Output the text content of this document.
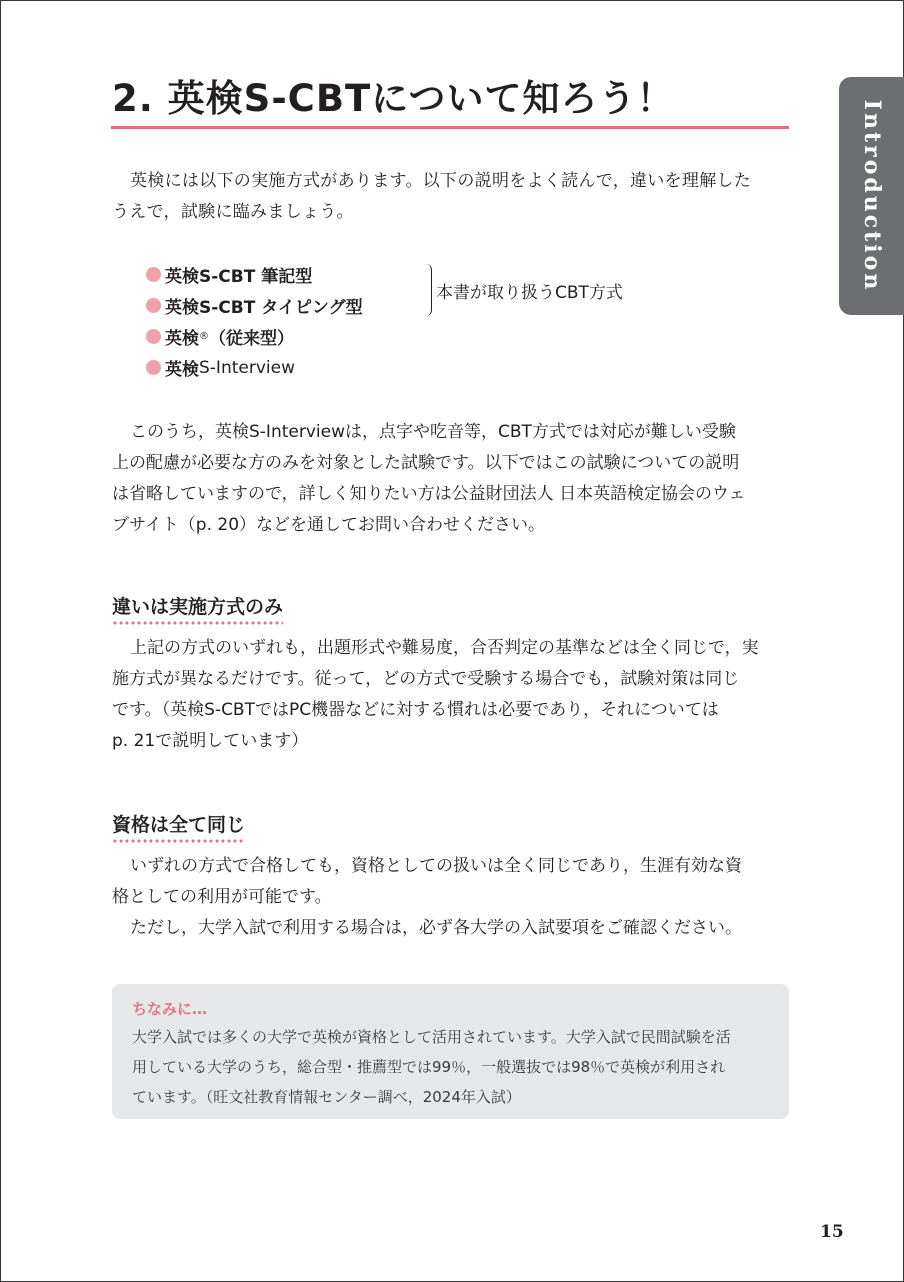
2. 英検S-CBTについて知ろう！
Introduction

英検には以下の実施方式があります。以下の説明をよく読んで，違いを理解した
うえで，試験に臨みましょう。

英検S-CBT 筆記型
英検S-CBT タイピング型
英検 ® （従来型）
英検 S-Interview
本書が取り扱うCBT方式

このうち，英検S-Interviewは，点字や吃音等，CBT方式では対応が難しい受験
上の配慮が必要な方のみを対象とした試験です。以下ではこの試験についての説明
は省略していますので，詳しく知りたい方は公益財団法人 日本英語検定協会のウェ
ブサイト（p. 20）などを通してお問い合わせください。

違いは実施方式のみ

上記の方式のいずれも，出題形式や難易度，合否判定の基準などは全く同じで，実
施方式が異なるだけです。従って，どの方式で受験する場合でも，試験対策は同じ
です。（英検S-CBTではPC機器などに対する慣れは必要であり，それについては
p. 21で説明しています）

資格は全て同じ

いずれの方式で合格しても，資格としての扱いは全く同じであり，生涯有効な資
格としての利用が可能です。
ただし，大学入試で利用する場合は，必ず各大学の入試要項をご確認ください。

ちなみに…
大学入試では多くの大学で英検が資格として活用されています。大学入試で民間試験を活
用している大学のうち，総合型・推薦型では99％，一般選抜では98％で英検が利用され
ています。（旺文社教育情報センター調べ，2024年入試）
15
